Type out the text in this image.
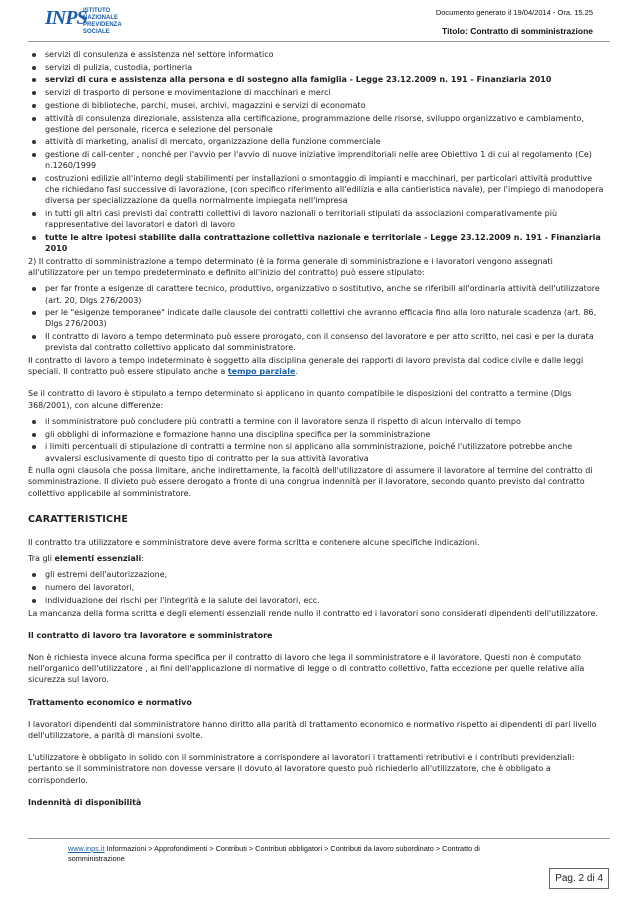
INPS
ISTITUTO
NAZIONALE
PREVIDENZA
SOCIALE
Documento generato il 19/04/2014 - Ora. 15.25
Titolo: Contratto di somministrazione
servizi di consulenza e assistenza nel settore informatico
servizi di pulizia, custodia, portineria
servizi di cura e assistenza alla persona e di sostegno alla famiglia - Legge 23.12.2009 n. 191 - Finanziaria 2010
servizi di trasporto di persone e movimentazione di macchinari e merci
gestione di biblioteche, parchi, musei, archivi, magazzini e servizi di economato
attività di consulenza direzionale, assistenza alla certificazione, programmazione delle risorse, sviluppo organizzativo e cambiamento, gestione del personale, ricerca e selezione del personale
attività di marketing, analisi di mercato, organizzazione della funzione commerciale
gestione di call-center , nonché per l'avvio per l'avvio di nuove iniziative imprenditoriali nelle aree Obiettivo 1 di cui al regolamento (Ce) n.1260/1999
costruzioni edilizie all'interno degli stabilimenti per installazioni o smontaggio di impianti e macchinari, per particolari attività produttive che richiedano fasi successive di lavorazione, (con specifico riferimento all'edilizia e alla cantieristica navale), per l'impiego di manodopera diversa per specializzazione da quella normalmente impiegata nell'impresa
in tutti gli altri casi previsti dai contratti collettivi di lavoro nazionali o territoriali stipulati da associazioni comparativamente più rappresentative dei lavoratori e datori di lavoro
tutte le altre ipotesi stabilite dalla contrattazione collettiva nazionale e territoriale - Legge 23.12.2009 n. 191 - Finanziaria 2010

2) Il contratto di somministrazione a tempo determinato (è la forma generale di somministrazione e i lavoratori vengono assegnati all'utilizzatore per un tempo predeterminato e definito all'inizio del contratto) può essere stipulato:

per far fronte a esigenze di carattere tecnico, produttivo, organizzativo o sostitutivo, anche se riferibili all'ordinaria attività dell'utilizzatore (art. 20, Dlgs 276/2003)
per le "esigenze temporanee" indicate dalle clausole dei contratti collettivi che avranno efficacia fino alla loro naturale scadenza (art. 86, Dlgs 276/2003)
Il contratto di lavoro a tempo determinato può essere prorogato, con il consenso del lavoratore e per atto scritto, nei casi e per la durata prevista dal contratto collettivo applicato dal somministratore.

Il contratto di lavoro a tempo indeterminato è soggetto alla disciplina generale dei rapporti di lavoro prevista dal codice civile e dalle leggi speciali. Il contratto può essere stipulato anche a tempo parziale.

Se il contratto di lavoro è stipulato a tempo determinato si applicano in quanto compatibile le disposizioni del contratto a termine (Dlgs 368/2001), con alcune differenze:

il somministratore può concludere più contratti a termine con il lavoratore senza il rispetto di alcun intervallo di tempo
gli obblighi di informazione e formazione hanno una disciplina specifica per la somministrazione
i limiti percentuali di stipulazione di contratti a termine non si applicano alla somministrazione, poiché l'utilizzatore potrebbe anche avvalersi esclusivamente di questo tipo di contratto per la sua attività lavorativa

È nulla ogni clausola che possa limitare, anche indirettamente, la facoltà dell'utilizzatore di assumere il lavoratore al termine del contratto di somministrazione. Il divieto può essere derogato a fronte di una congrua indennità per il lavoratore, secondo quanto previsto dal contratto collettivo applicabile al somministratore.

CARATTERISTICHE

Il contratto tra utilizzatore e somministratore deve avere forma scritta e contenere alcune specifiche indicazioni.

Tra gli elementi essenziali:

gli estremi dell'autorizzazione,
numero dei lavoratori,
individuazione dei rischi per l'integrità e la salute dei lavoratori, ecc.

La mancanza della forma scritta e degli elementi essenziali rende nullo il contratto ed i lavoratori sono considerati dipendenti dell'utilizzatore.

Il contratto di lavoro tra lavoratore e somministratore

Non è richiesta invece alcuna forma specifica per il contratto di lavoro che lega il somministratore e il lavoratore. Questi non è computato nell'organico dell'utilizzatore , ai fini dell'applicazione di normative di legge o di contratto collettivo, fatta eccezione per quelle relative alla sicurezza sul lavoro.

Trattamento economico e normativo

I lavoratori dipendenti dal somministratore hanno diritto alla parità di trattamento economico e normativo rispetto ai dipendenti di pari livello dell'utilizzatore, a parità di mansioni svolte.

L'utilizzatore è obbligato in solido con il somministratore a corrispondere ai lavoratori i trattamenti retributivi e i contributi previdenziali: pertanto se il somministratore non dovesse versare il dovuto al lavoratore questo può richiederlo all'utilizzatore, che è obbligato a corrisponderlo.

Indennità di disponibilità

www.inps.it Informazioni > Approfondimenti > Contributi > Contributi obbligatori > Contributi da lavoro subordinato > Contratto di somministrazione
Pag. 2 di 4
